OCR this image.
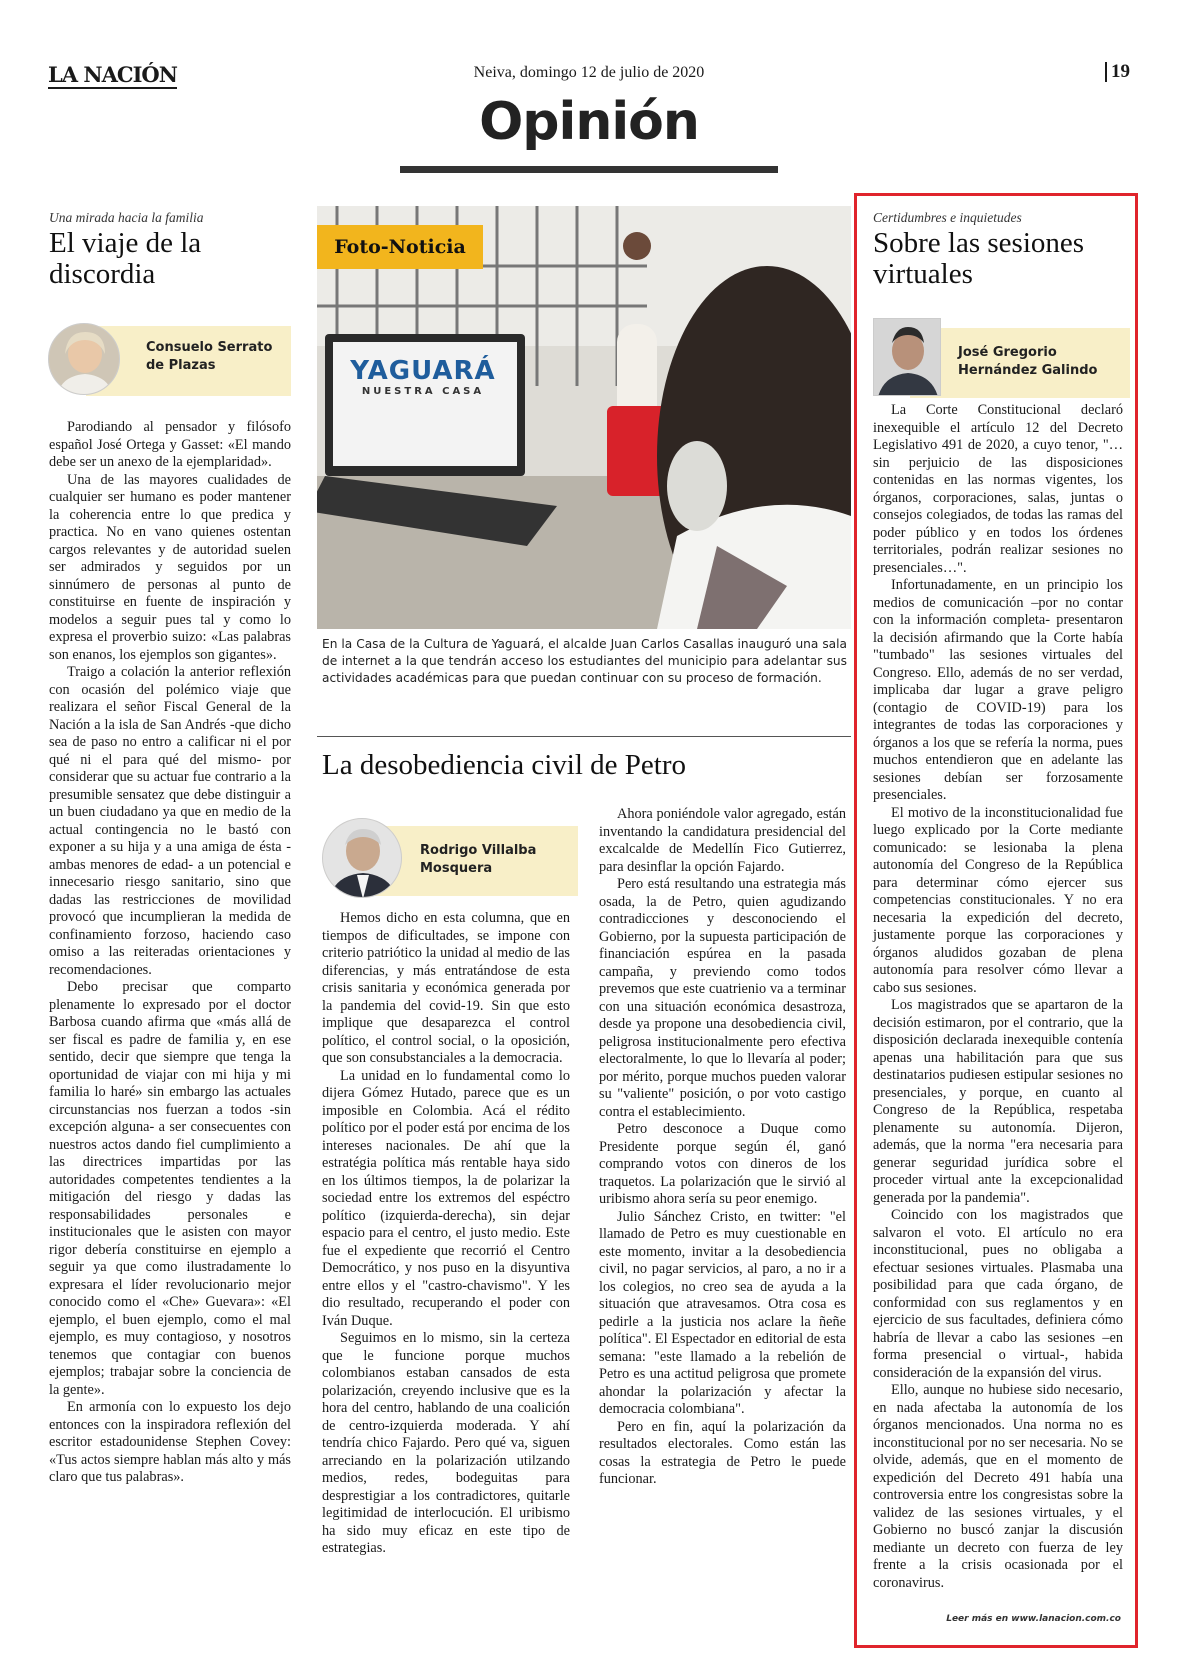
LA NACIÓN	Neiva, domingo 12 de julio de 2020	19
Opinión
Una mirada hacia la familia
El viaje de la discordia
Consuelo Serrato
de Plazas

Parodiando al pensador y filósofo español José Ortega y Gasset: «El mando debe ser un anexo de la ejemplaridad».

Una de las mayores cualidades de cualquier ser humano es poder mantener la coherencia entre lo que predica y practica. No en vano quienes ostentan cargos relevantes y de autoridad suelen ser admirados y seguidos por un sinnúmero de personas al punto de constituirse en fuente de inspiración y modelos a seguir pues tal y como lo expresa el proverbio suizo: «Las palabras son enanos, los ejemplos son gigantes».

Traigo a colación la anterior reflexión con ocasión del polémico viaje que realizara el señor Fiscal General de la Nación a la isla de San Andrés -que dicho sea de paso no entro a calificar ni el por qué ni el para qué del mismo- por considerar que su actuar fue contrario a la presumible sensatez que debe distinguir a un buen ciudadano ya que en medio de la actual contingencia no le bastó con exponer a su hija y a una amiga de ésta -ambas menores de edad- a un potencial e innecesario riesgo sanitario, sino que dadas las restricciones de movilidad provocó que incumplieran la medida de confinamiento forzoso, haciendo caso omiso a las reiteradas orientaciones y recomendaciones.

Debo precisar que comparto plenamente lo expresado por el doctor Barbosa cuando afirma que «más allá de ser fiscal es padre de familia y, en ese sentido, decir que siempre que tenga la oportunidad de viajar con mi hija y mi familia lo haré» sin embargo las actuales circunstancias nos fuerzan a todos -sin excepción alguna- a ser consecuentes con nuestros actos dando fiel cumplimiento a las directrices impartidas por las autoridades competentes tendientes a la mitigación del riesgo y dadas las responsabilidades personales e institucionales que le asisten con mayor rigor debería constituirse en ejemplo a seguir ya que como ilustradamente lo expresara el líder revolucionario mejor conocido como el «Che» Guevara»: «El ejemplo, el buen ejemplo, como el mal ejemplo, es muy contagioso, y nosotros tenemos que contagiar con buenos ejemplos; trabajar sobre la conciencia de la gente».

En armonía con lo expuesto los dejo entonces con la inspiradora reflexión del escritor estadounidense Stephen Covey: «Tus actos siempre hablan más alto y más claro que tus palabras».

YAGUARÁ
NUESTRA CASA
Foto-Noticia
En la Casa de la Cultura de Yaguará, el alcalde Juan Carlos Casallas inauguró una sala de internet a la que tendrán acceso los estudiantes del municipio para adelantar sus actividades académicas para que puedan continuar con su proceso de formación.
La desobediencia civil de Petro
Rodrigo Villalba
Mosquera

Hemos dicho en esta columna, que en tiempos de dificultades, se impone con criterio patriótico la unidad al medio de las diferencias, y más entratándose de esta crisis sanitaria y económica generada por la pandemia del covid-19. Sin que esto implique que desaparezca el control político, el control social, o la oposición, que son consubstanciales a la democracia.

La unidad en lo fundamental como lo dijera Gómez Hutado, parece que es un imposible en Colombia. Acá el rédito político por el poder está por encima de los intereses nacionales. De ahí que la estratégia política más rentable haya sido en los últimos tiempos, la de polarizar la sociedad entre los extremos del espéctro político (izquierda-derecha), sin dejar espacio para el centro, el justo medio. Este fue el expediente que recorrió el Centro Democrático, y nos puso en la disyuntiva entre ellos y el "castro-chavismo". Y les dio resultado, recuperando el poder con Iván Duque.

Seguimos en lo mismo, sin la certeza que le funcione porque muchos colombianos estaban cansados de esta polarización, creyendo inclusive que es la hora del centro, hablando de una coalición de centro-izquierda moderada. Y ahí tendría chico Fajardo. Pero qué va, siguen arreciando en la polarización utilzando medios, redes, bodeguitas para desprestigiar a los contradictores, quitarle legitimidad de interlocución. El uribismo ha sido muy eficaz en este tipo de estrategias.

Ahora poniéndole valor agregado, están inventando la candidatura presidencial del excalcalde de Medellín Fico Gutierrez, para desinflar la opción Fajardo.

Pero está resultando una estrategia más osada, la de Petro, quien agudizando contradicciones y desconociendo el Gobierno, por la supuesta participación de financiación espúrea en la pasada campaña, y previendo como todos prevemos que este cuatrienio va a terminar con una situación económica desastroza, desde ya propone una desobediencia civil, peligrosa institucionalmente pero efectiva electoralmente, lo que lo llevaría al poder; por mérito, porque muchos pueden valorar su "valiente" posición, o por voto castigo contra el establecimiento.

Petro desconoce a Duque como Presidente porque según él, ganó comprando votos con dineros de los traquetos. La polarización que le sirvió al uribismo ahora sería su peor enemigo.

Julio Sánchez Cristo, en twitter: "el llamado de Petro es muy cuestionable en este momento, invitar a la desobediencia civil, no pagar servicios, al paro, a no ir a los colegios, no creo sea de ayuda a la situación que atravesamos. Otra cosa es pedirle a la justicia nos aclare la ñeñe política". El Espectador en editorial de esta semana: "este llamado a la rebelión de Petro es una actitud peligrosa que promete ahondar la polarización y afectar la democracia colombiana".

Pero en fin, aquí la polarización da resultados electorales. Como están las cosas la estrategia de Petro le puede funcionar.

Certidumbres e inquietudes
Sobre las sesiones virtuales
José Gregorio
Hernández Galindo

La Corte Constitucional declaró inexequible el artículo 12 del Decreto Legislativo 491 de 2020, a cuyo tenor, "…sin perjuicio de las disposiciones contenidas en las normas vigentes, los órganos, corporaciones, salas, juntas o consejos colegiados, de todas las ramas del poder público y en todos los órdenes territoriales, podrán realizar sesiones no presenciales…".

Infortunadamente, en un principio los medios de comunicación –por no contar con la información completa- presentaron la decisión afirmando que la Corte había "tumbado" las sesiones virtuales del Congreso. Ello, además de no ser verdad, implicaba dar lugar a grave peligro (contagio de COVID-19) para los integrantes de todas las corporaciones y órganos a los que se refería la norma, pues muchos entendieron que en adelante las sesiones debían ser forzosamente presenciales.

El motivo de la inconstitucionalidad fue luego explicado por la Corte mediante comunicado: se lesionaba la plena autonomía del Congreso de la República para determinar cómo ejercer sus competencias constitucionales. Y no era necesaria la expedición del decreto, justamente porque las corporaciones y órganos aludidos gozaban de plena autonomía para resolver cómo llevar a cabo sus sesiones.

Los magistrados que se apartaron de la decisión estimaron, por el contrario, que la disposición declarada inexequible contenía apenas una habilitación para que sus destinatarios pudiesen estipular sesiones no presenciales, y porque, en cuanto al Congreso de la República, respetaba plenamente su autonomía. Dijeron, además, que la norma "era necesaria para generar seguridad jurídica sobre el proceder virtual ante la excepcionalidad generada por la pandemia".

Coincido con los magistrados que salvaron el voto. El artículo no era inconstitucional, pues no obligaba a efectuar sesiones virtuales. Plasmaba una posibilidad para que cada órgano, de conformidad con sus reglamentos y en ejercicio de sus facultades, definiera cómo habría de llevar a cabo las sesiones –en forma presencial o virtual-, habida consideración de la expansión del virus.

Ello, aunque no hubiese sido necesario, en nada afectaba la autonomía de los órganos mencionados. Una norma no es inconstitucional por no ser necesaria. No se olvide, además, que en el momento de expedición del Decreto 491 había una controversia entre los congresistas sobre la validez de las sesiones virtuales, y el Gobierno no buscó zanjar la discusión mediante un decreto con fuerza de ley frente a la crisis ocasionada por el coronavirus.

Leer más en www.lanacion.com.co
